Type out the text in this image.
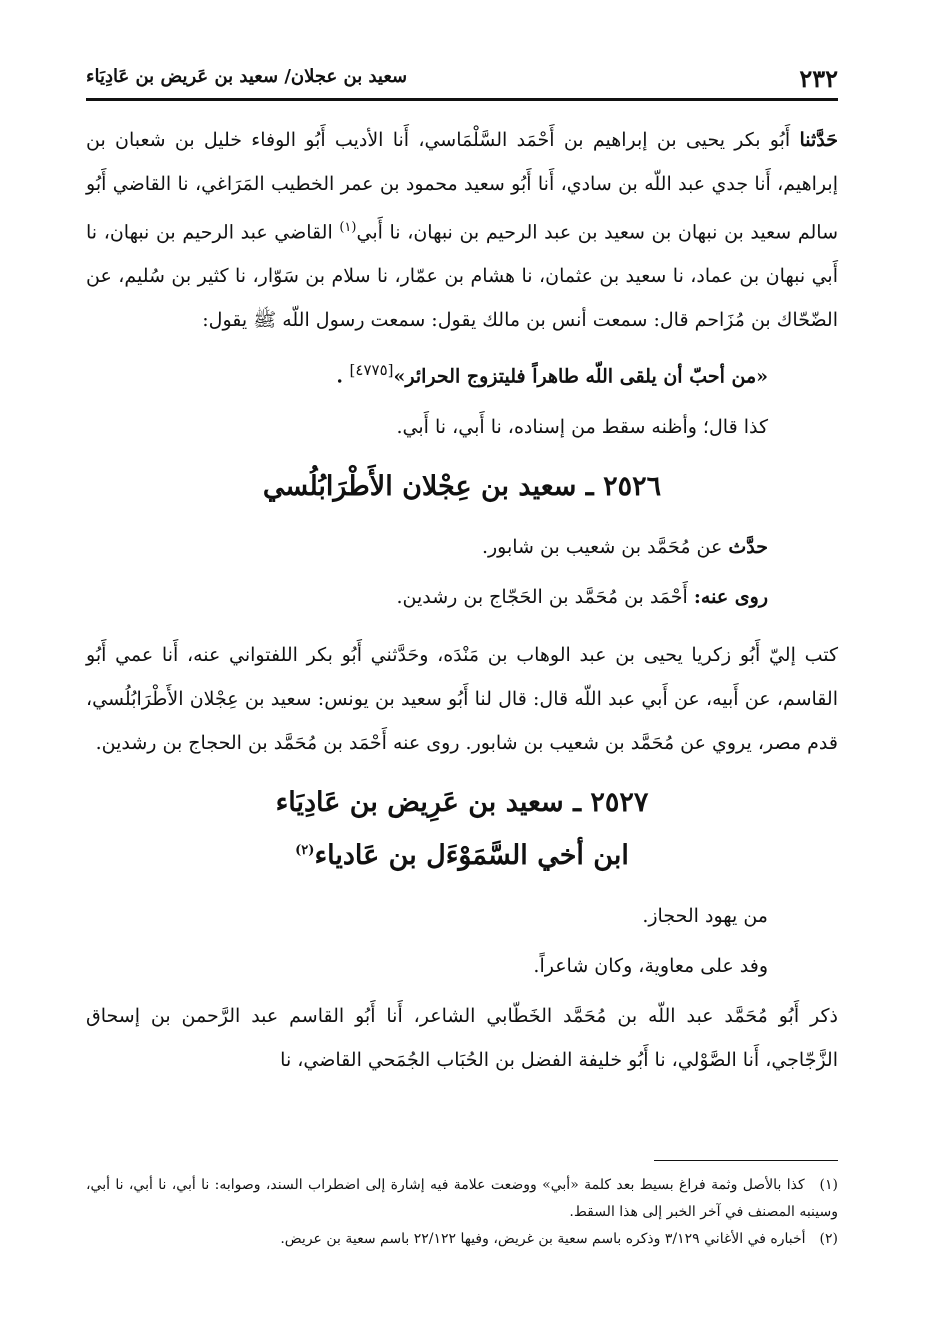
٢٣٢
سعيد بن عجلان/ سعيد بن عَريض بن عَادِيَاء

حَدَّثنا أَبُو بكر يحيى بن إبراهيم بن أَحْمَد السَّلْمَاسي، أَنا الأديب أَبُو الوفاء خليل بن شعبان بن إبراهيم، أَنا جدي عبد اللّه بن سادي، أَنا أَبُو سعيد محمود بن عمر الخطيب المَرَاغي، نا القاضي أَبُو سالم سعيد بن نبهان بن سعيد بن عبد الرحيم بن نبهان، نا أَبي$^{(١)}$ القاضي عبد الرحيم بن نبهان، نا أَبي نبهان بن عماد، نا سعيد بن عثمان، نا هشام بن عمّار، نا سلام بن سَوّار، نا كثير بن سُليم، عن الضّحّاك بن مُزَاحم قال: سمعت أنس بن مالك يقول: سمعت رسول اللّه ﷺ يقول:

«من أحبّ أن يلقى اللّه طاهراً فليتزوج الحرائر»[٤٧٧٥] .

كذا قال؛ وأظنه سقط من إسناده، نا أَبي، نا أَبي.

٢٥٢٦ ـ سعيد بن عِجْلان الأَطْرَابُلُسي

حدَّث عن مُحَمَّد بن شعيب بن شابور.

روى عنه: أَحْمَد بن مُحَمَّد بن الحَجّاج بن رشدين.

كتب إليّ أَبُو زكريا يحيى بن عبد الوهاب بن مَنْدَه، وحَدَّثني أَبُو بكر اللفتواني عنه، أَنا عمي أَبُو القاسم، عن أَبيه، عن أَبي عبد اللّه قال: قال لنا أَبُو سعيد بن يونس: سعيد بن عِجْلان الأَطْرَابُلُسي، قدم مصر، يروي عن مُحَمَّد بن شعيب بن شابور. روى عنه أَحْمَد بن مُحَمَّد بن الحجاج بن رشدين.

٢٥٢٧ ـ سعيد بن عَرِيض بن عَادِيَاء
ابن أخي السَّمَوْءَل بن عَادياء$^{(٢)}$

من يهود الحجاز.

وفد على معاوية، وكان شاعراً.

ذكر أَبُو مُحَمَّد عبد اللّه بن مُحَمَّد الخَطّابي الشاعر، أَنا أَبُو القاسم عبد الرَّحمن بن إسحاق الزَّجّاجي، أَنا الصَّوْلي، نا أَبُو خليفة الفضل بن الحُبَاب الجُمَحي القاضي، نا

(١) كذا بالأصل وثمة فراغ بسيط بعد كلمة «أبي» ووضعت علامة فيه إشارة إلى اضطراب السند، وصوابه: نا أبي، نا أبي، نا أبي، وسينبه المصنف في آخر الخبر إلى هذا السقط.

(٢) أخباره في الأغاني ٣/١٢٩ وذكره باسم سعية بن غريض، وفيها ٢٢/١٢٢ باسم سعية بن عريض.
